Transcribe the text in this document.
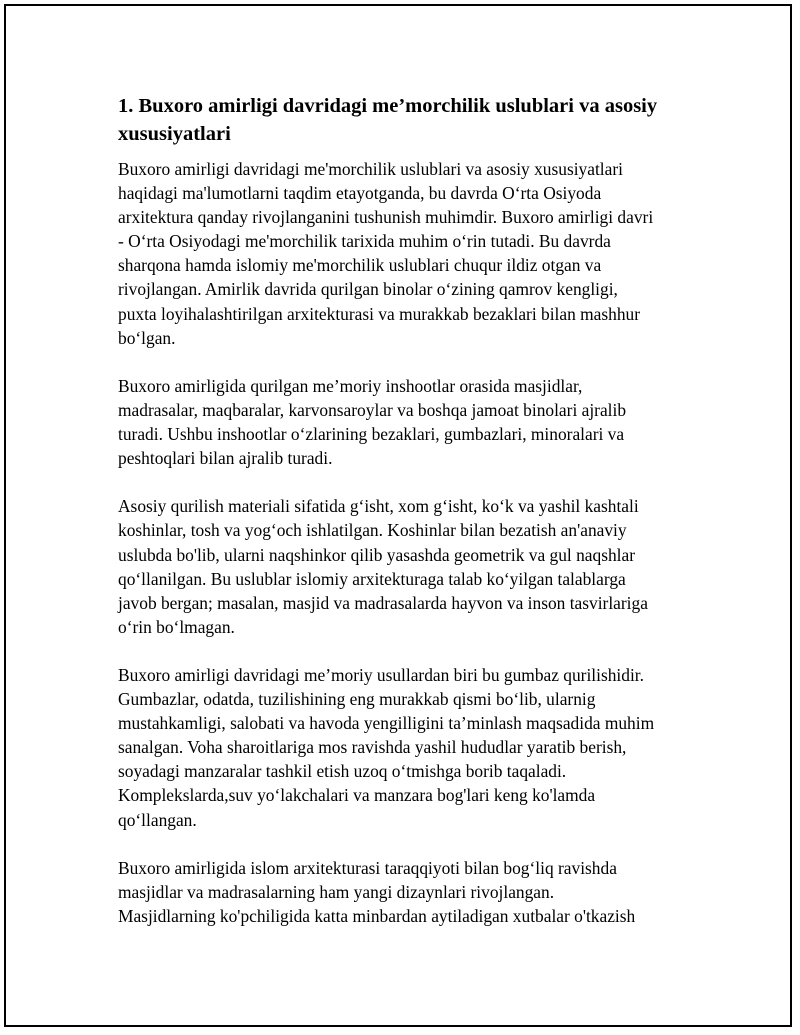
1. Buxoro amirligi davridagi me’morchilik uslublari va asosiy
xususiyatlari
Buxoro amirligi davridagi me'morchilik uslublari va asosiy xususiyatlari
haqidagi ma'lumotlarni taqdim etayotganda, bu davrda O‘rta Osiyoda
arxitektura qanday rivojlanganini tushunish muhimdir. Buxoro amirligi davri
- O‘rta Osiyodagi me'morchilik tarixida muhim o‘rin tutadi. Bu davrda
sharqona hamda islomiy me'morchilik uslublari chuqur ildiz otgan va
rivojlangan. Amirlik davrida qurilgan binolar o‘zining qamrov kengligi,
puxta loyihalashtirilgan arxitekturasi va murakkab bezaklari bilan mashhur
bo‘lgan.
Buxoro amirligida qurilgan me’moriy inshootlar orasida masjidlar,
madrasalar, maqbaralar, karvonsaroylar va boshqa jamoat binolari ajralib
turadi. Ushbu inshootlar o‘zlarining bezaklari, gumbazlari, minoralari va
peshtoqlari bilan ajralib turadi.
Asosiy qurilish materiali sifatida g‘isht, xom g‘isht, ko‘k va yashil kashtali
koshinlar, tosh va yog‘och ishlatilgan. Koshinlar bilan bezatish an'anaviy
uslubda bo'lib, ularni naqshinkor qilib yasashda geometrik va gul naqshlar
qo‘llanilgan. Bu uslublar islomiy arxitekturaga talab ko‘yilgan talablarga
javob bergan; masalan, masjid va madrasalarda hayvon va inson tasvirlariga
o‘rin bo‘lmagan.
Buxoro amirligi davridagi me’moriy usullardan biri bu gumbaz qurilishidir.
Gumbazlar, odatda, tuzilishining eng murakkab qismi bo‘lib, ularnig
mustahkamligi, salobati va havoda yengilligini ta’minlash maqsadida muhim
sanalgan. Voha sharoitlariga mos ravishda yashil hududlar yaratib berish,
soyadagi manzaralar tashkil etish uzoq o‘tmishga borib taqaladi.
Komplekslarda,suv yo‘lakchalari va manzara bog'lari keng ko'lamda
qo‘llangan.
Buxoro amirligida islom arxitekturasi taraqqiyoti bilan bog‘liq ravishda
masjidlar va madrasalarning ham yangi dizaynlari rivojlangan.
Masjidlarning ko'pchiligida katta minbardan aytiladigan xutbalar o'tkazish
